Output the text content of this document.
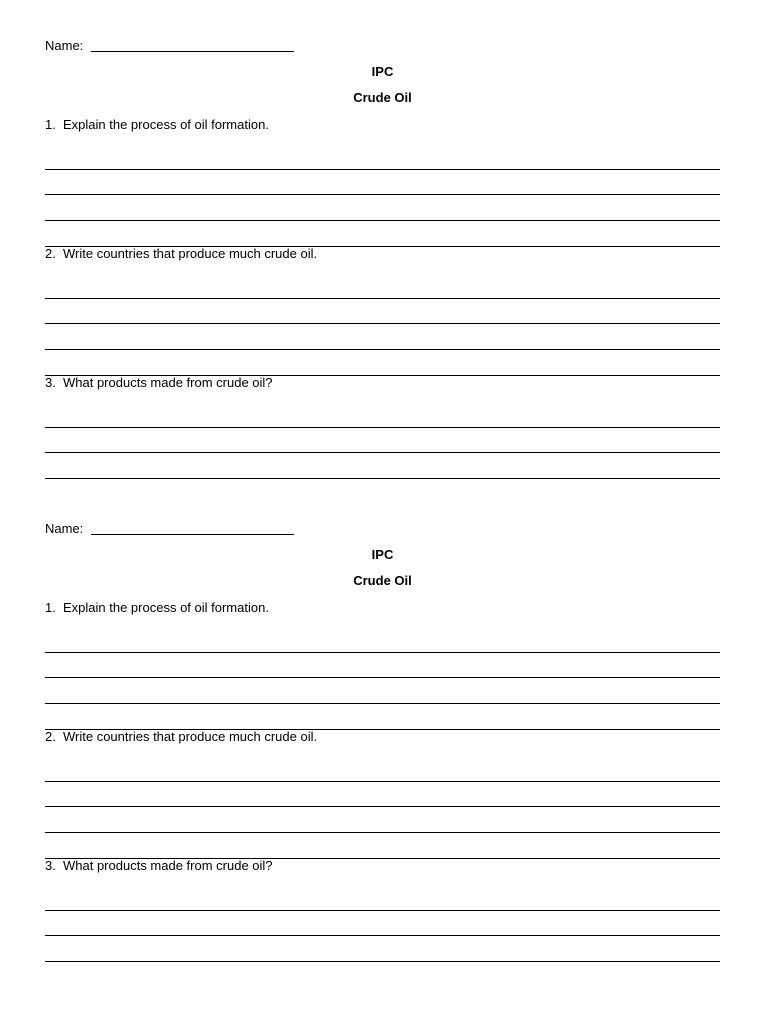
Name:
IPC
Crude Oil
1. Explain the process of oil formation.
2. Write countries that produce much crude oil.
3. What products made from crude oil?
Name:
IPC
Crude Oil
1. Explain the process of oil formation.
2. Write countries that produce much crude oil.
3. What products made from crude oil?
